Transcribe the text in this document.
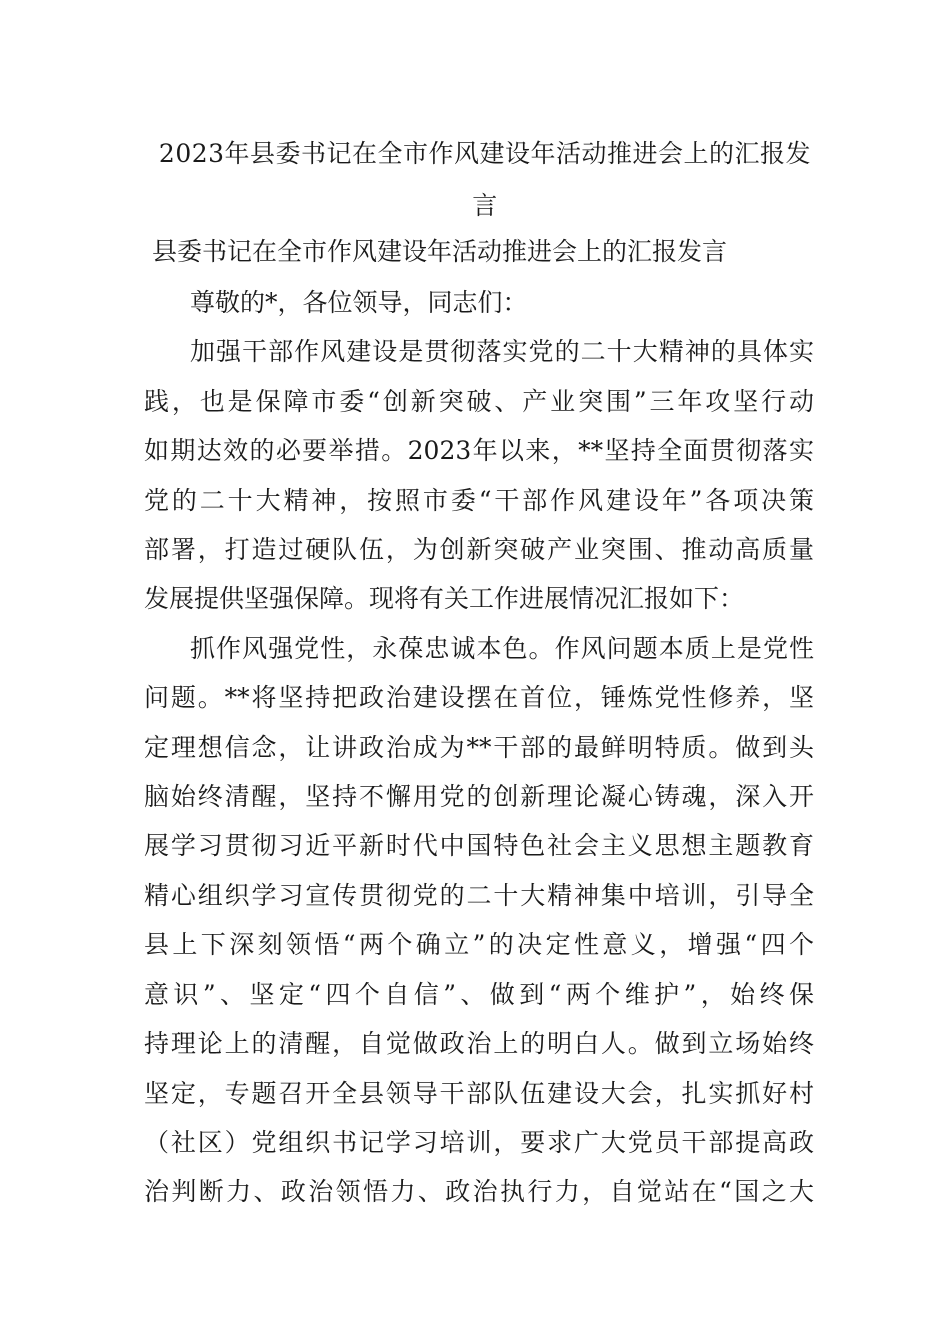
2023年县委书记在全市作风建设年活动推进会上的汇报发
言
县委书记在全市作风建设年活动推进会上的汇报发言
尊敬的*，各位领导，同志们：
加强干部作风建设是贯彻落实党的二十大精神的具体实
践，也是保障市委“创新突破、产业突围”三年攻坚行动
如期达效的必要举措。2023年以来，**坚持全面贯彻落实
党的二十大精神，按照市委“干部作风建设年”各项决策
部署，打造过硬队伍，为创新突破产业突围、推动高质量
发展提供坚强保障。现将有关工作进展情况汇报如下：
抓作风强党性，永葆忠诚本色。作风问题本质上是党性
问题。**将坚持把政治建设摆在首位，锤炼党性修养，坚
定理想信念，让讲政治成为**干部的最鲜明特质。做到头
脑始终清醒，坚持不懈用党的创新理论凝心铸魂，深入开
展学习贯彻习近平新时代中国特色社会主义思想主题教育
精心组织学习宣传贯彻党的二十大精神集中培训，引导全
县上下深刻领悟“两个确立”的决定性意义，增强“四个
意识”、坚定“四个自信”、做到“两个维护”，始终保
持理论上的清醒，自觉做政治上的明白人。做到立场始终
坚定，专题召开全县领导干部队伍建设大会，扎实抓好村
（社区）党组织书记学习培训，要求广大党员干部提高政
治判断力、政治领悟力、政治执行力，自觉站在“国之大
